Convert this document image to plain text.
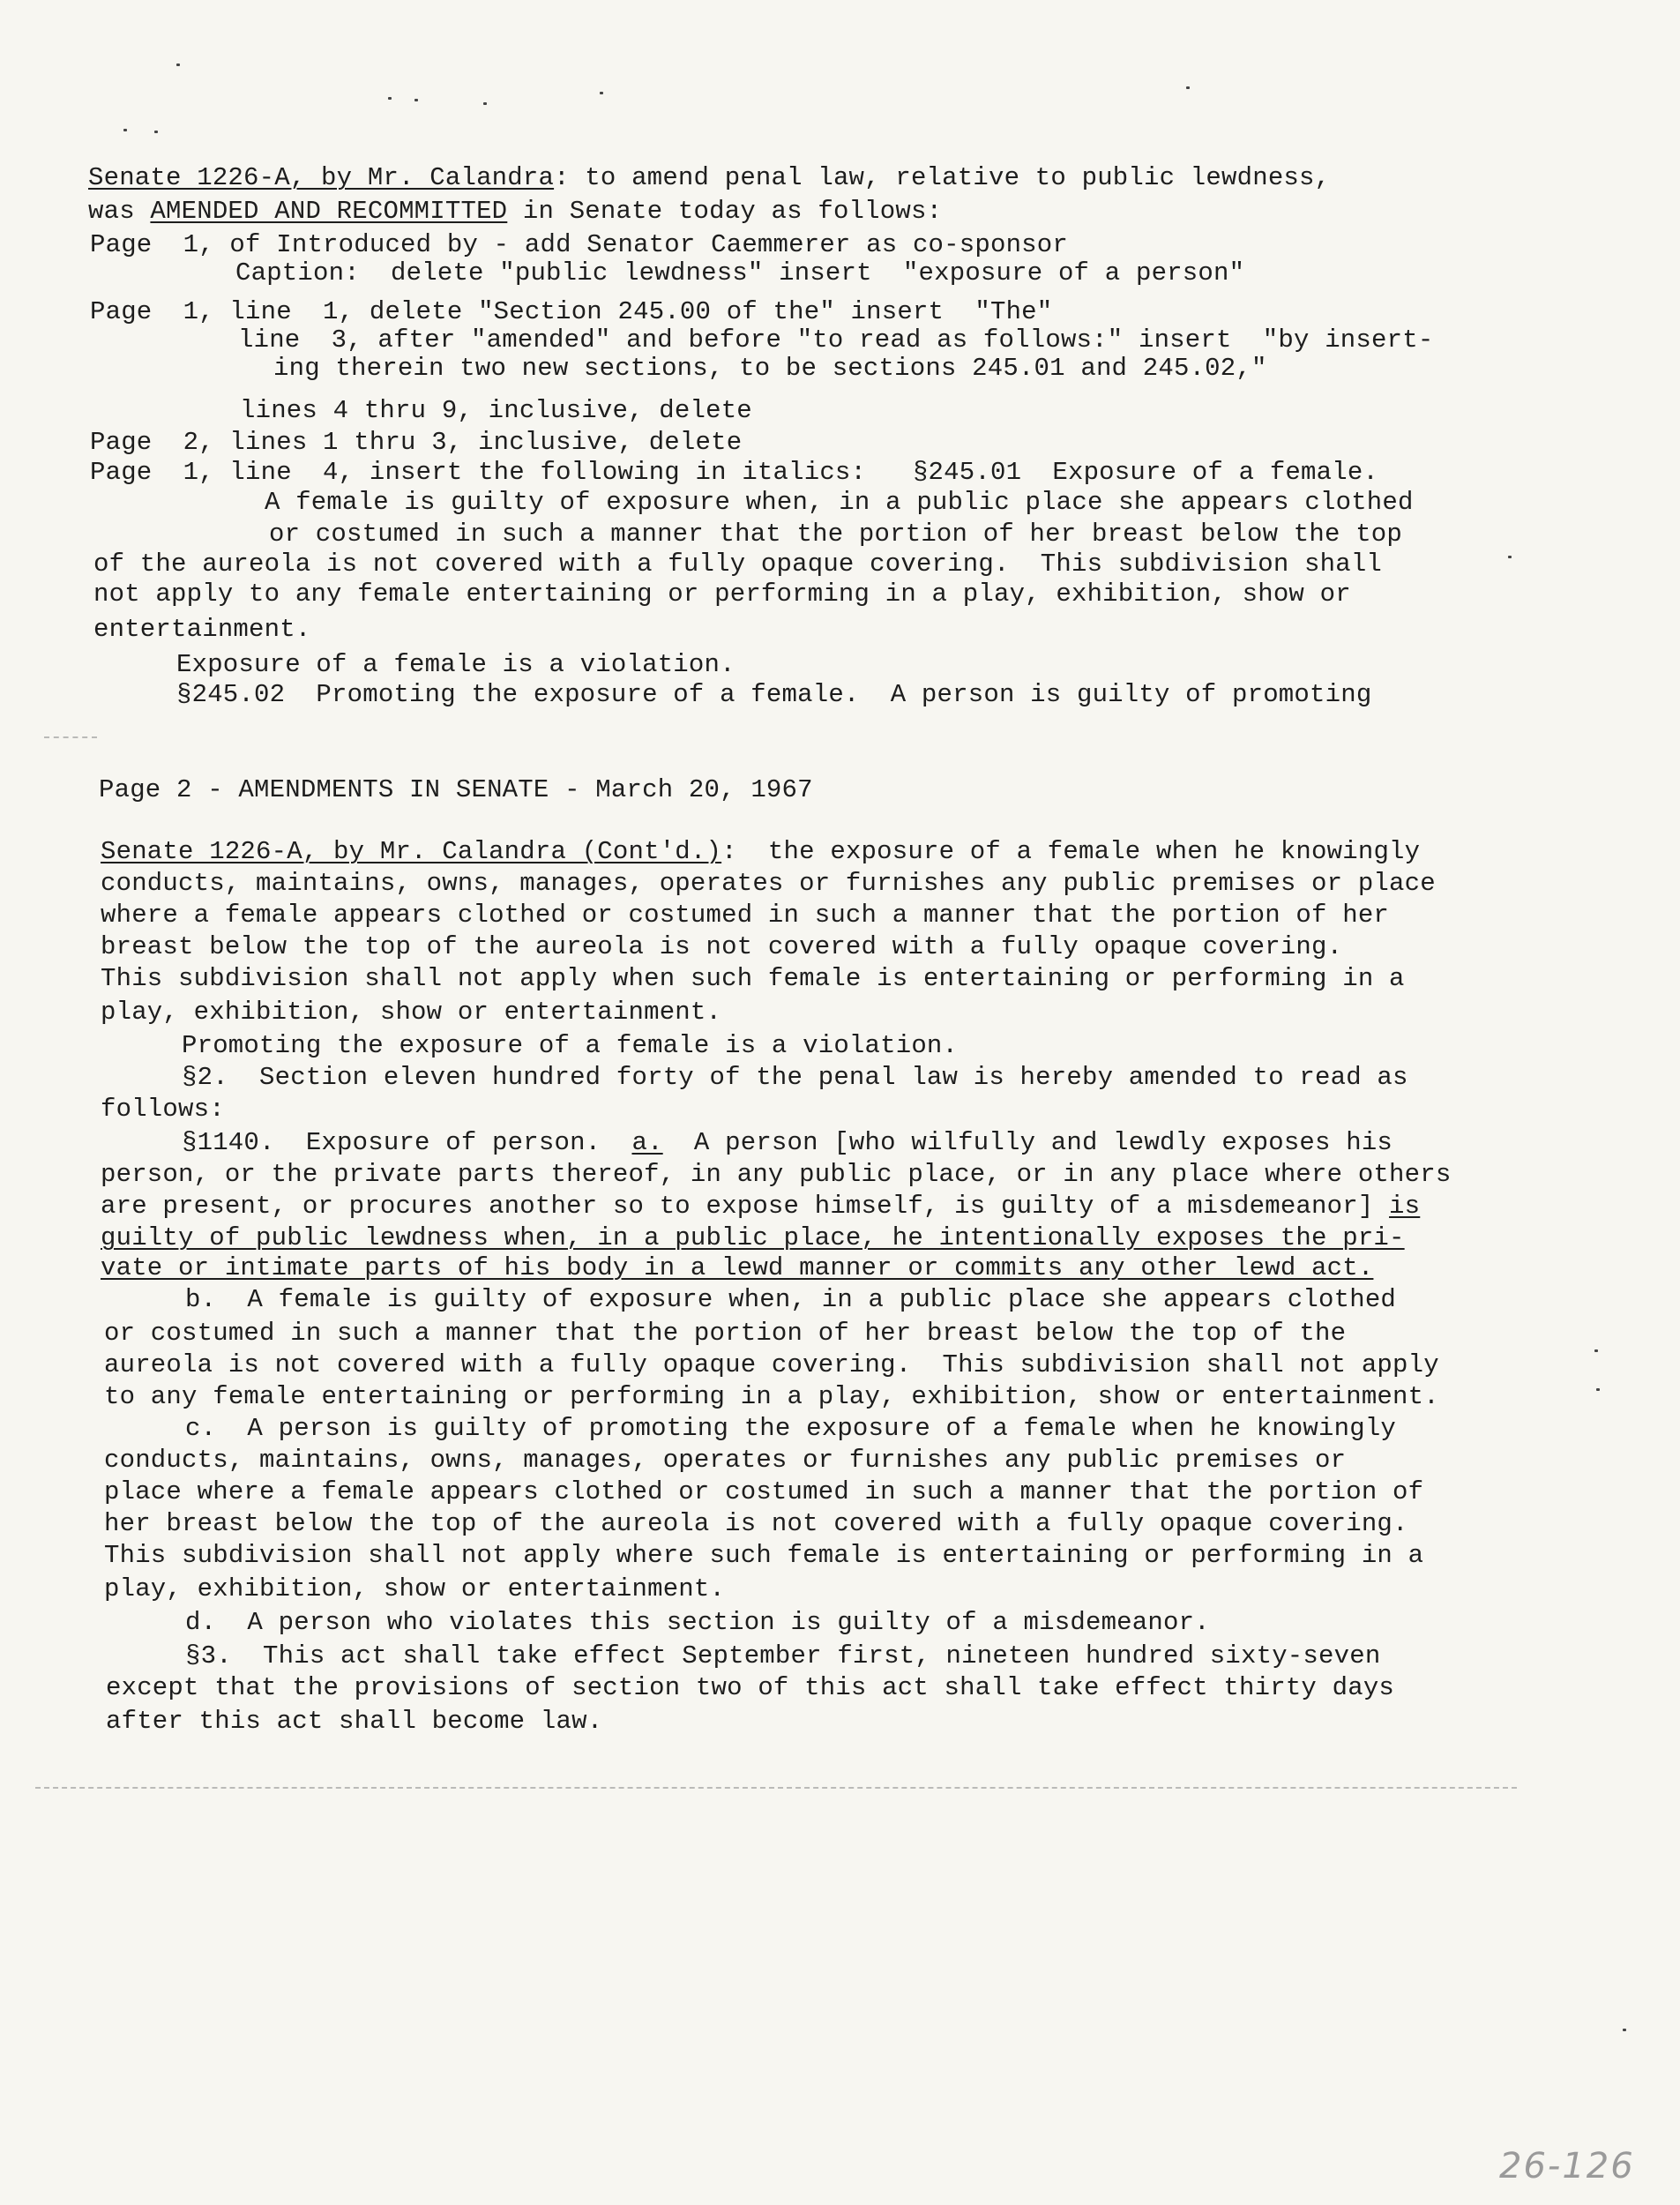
Senate 1226-A, by Mr. Calandra: to amend penal law, relative to public lewdness,
was AMENDED AND RECOMMITTED in Senate today as follows:
Page  1, of Introduced by - add Senator Caemmerer as co-sponsor
Caption:  delete "public lewdness" insert  "exposure of a person"
Page  1, line  1, delete "Section 245.00 of the" insert  "The"
line  3, after "amended" and before "to read as follows:" insert  "by insert-
ing therein two new sections, to be sections 245.01 and 245.02,"
lines 4 thru 9, inclusive, delete
Page  2, lines 1 thru 3, inclusive, delete
Page  1, line  4, insert the following in italics:   §245.01  Exposure of a female.
A female is guilty of exposure when, in a public place she appears clothed
or costumed in such a manner that the portion of her breast below the top
of the aureola is not covered with a fully opaque covering.  This subdivision shall
not apply to any female entertaining or performing in a play, exhibition, show or
entertainment.
Exposure of a female is a violation.
§245.02  Promoting the exposure of a female.  A person is guilty of promoting
Page 2 - AMENDMENTS IN SENATE - March 20, 1967
Senate 1226-A, by Mr. Calandra (Cont'd.):  the exposure of a female when he knowingly
conducts, maintains, owns, manages, operates or furnishes any public premises or place
where a female appears clothed or costumed in such a manner that the portion of her
breast below the top of the aureola is not covered with a fully opaque covering.
This subdivision shall not apply when such female is entertaining or performing in a
play, exhibition, show or entertainment.
Promoting the exposure of a female is a violation.
§2.  Section eleven hundred forty of the penal law is hereby amended to read as
follows:
§1140.  Exposure of person.  a.  A person [who wilfully and lewdly exposes his
person, or the private parts thereof, in any public place, or in any place where others
are present, or procures another so to expose himself, is guilty of a misdemeanor] is
guilty of public lewdness when, in a public place, he intentionally exposes the pri-
vate or intimate parts of his body in a lewd manner or commits any other lewd act.
b.  A female is guilty of exposure when, in a public place she appears clothed
or costumed in such a manner that the portion of her breast below the top of the
aureola is not covered with a fully opaque covering.  This subdivision shall not apply
to any female entertaining or performing in a play, exhibition, show or entertainment.
c.  A person is guilty of promoting the exposure of a female when he knowingly
conducts, maintains, owns, manages, operates or furnishes any public premises or
place where a female appears clothed or costumed in such a manner that the portion of
her breast below the top of the aureola is not covered with a fully opaque covering.
This subdivision shall not apply where such female is entertaining or performing in a
play, exhibition, show or entertainment.
d.  A person who violates this section is guilty of a misdemeanor.
§3.  This act shall take effect September first, nineteen hundred sixty-seven
except that the provisions of section two of this act shall take effect thirty days
after this act shall become law.
26-126
